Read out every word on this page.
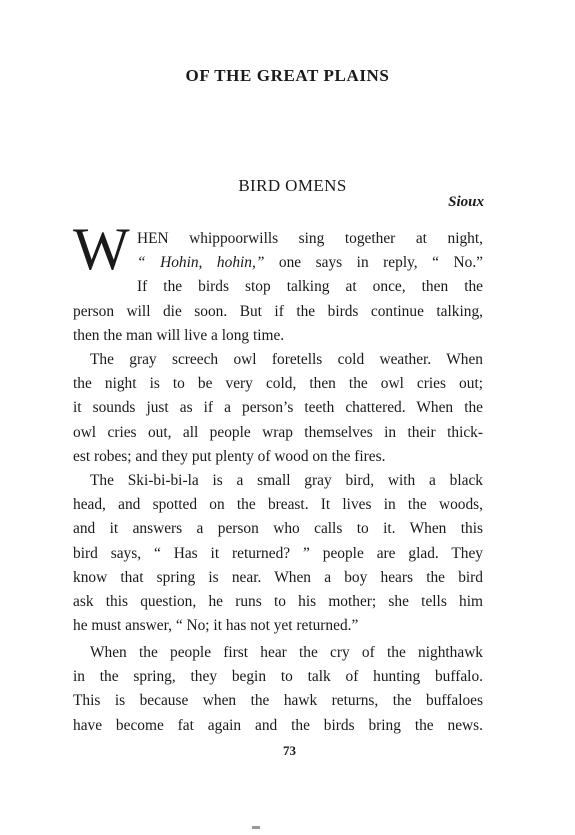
OF THE GREAT PLAINS
BIRD OMENS
Sioux
W HEN whippoorwills sing together at night,
“ Hohin, hohin,” one says in reply, “ No.”
If the birds stop talking at once, then the
person will die soon. But if the birds continue talking,
then the man will live a long time.
The gray screech owl foretells cold weather. When
the night is to be very cold, then the owl cries out;
it sounds just as if a person’s teeth chattered. When the
owl cries out, all people wrap themselves in their thick-
est robes; and they put plenty of wood on the fires.
The Ski-bi-bi-la is a small gray bird, with a black
head, and spotted on the breast. It lives in the woods,
and it answers a person who calls to it. When this
bird says, “ Has it returned? ” people are glad. They
know that spring is near. When a boy hears the bird
ask this question, he runs to his mother; she tells him
he must answer, “ No; it has not yet returned.”
When the people first hear the cry of the nighthawk
in the spring, they begin to talk of hunting buffalo.
This is because when the hawk returns, the buffaloes
have become fat again and the birds bring the news.
73
